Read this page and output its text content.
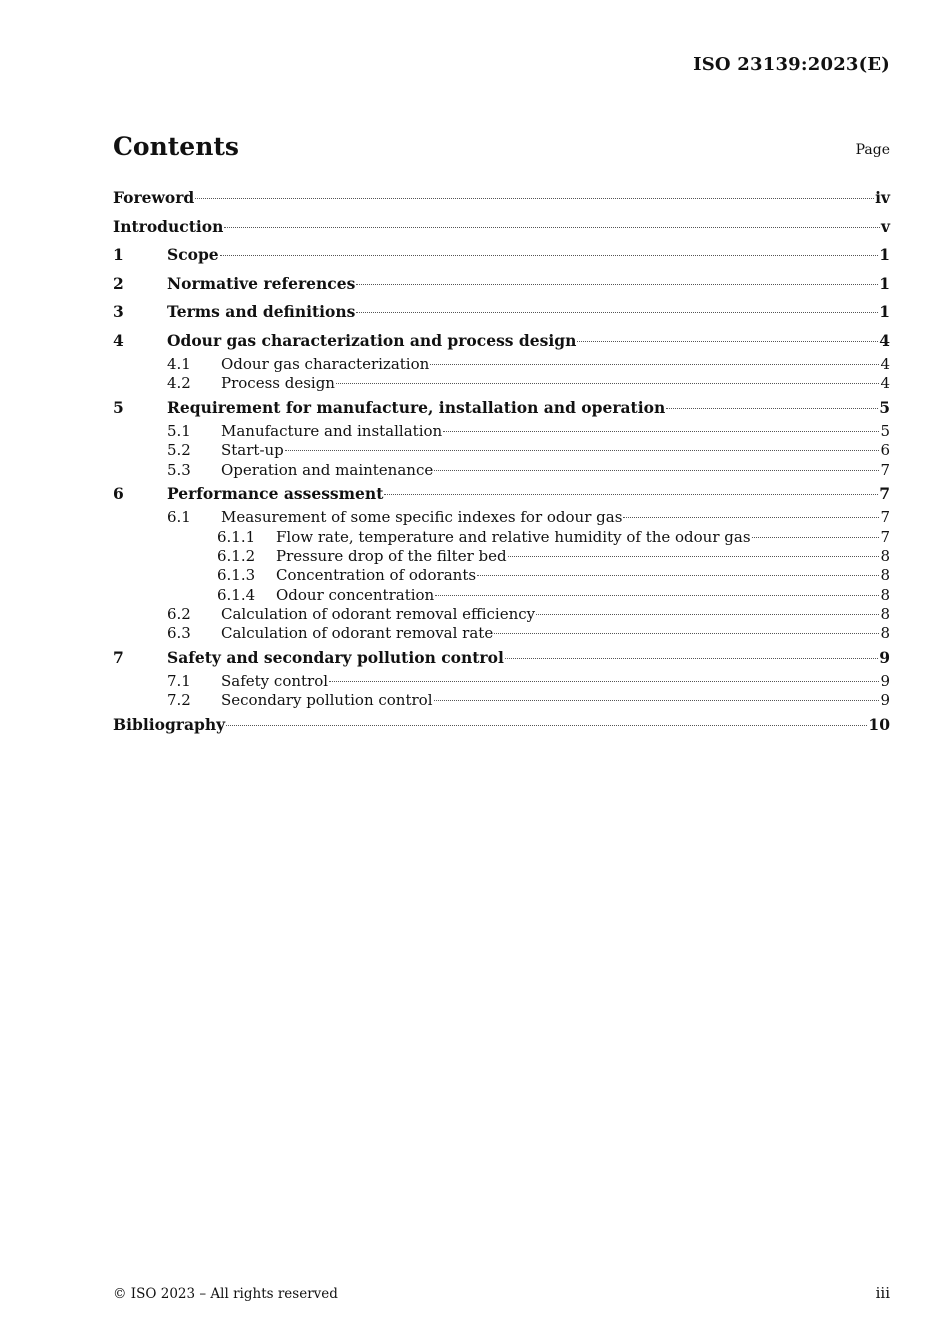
ISO 23139:2023(E)
Contents	Page
Foreword	iv
Introduction	v
1	Scope	1
2	Normative references	1
3	Terms and definitions	1
4	Odour gas characterization and process design	4
4.1	Odour gas characterization	4
4.2	Process design	4
5	Requirement for manufacture, installation and operation	5
5.1	Manufacture and installation	5
5.2	Start-up	6
5.3	Operation and maintenance	7
6	Performance assessment	7
6.1	Measurement of some specific indexes for odour gas	7
6.1.1	Flow rate, temperature and relative humidity of the odour gas	7
6.1.2	Pressure drop of the filter bed	8
6.1.3	Concentration of odorants	8
6.1.4	Odour concentration	8
6.2	Calculation of odorant removal efficiency	8
6.3	Calculation of odorant removal rate	8
7	Safety and secondary pollution control	9
7.1	Safety control	9
7.2	Secondary pollution control	9
Bibliography	10
© ISO 2023 – All rights reserved	iii
